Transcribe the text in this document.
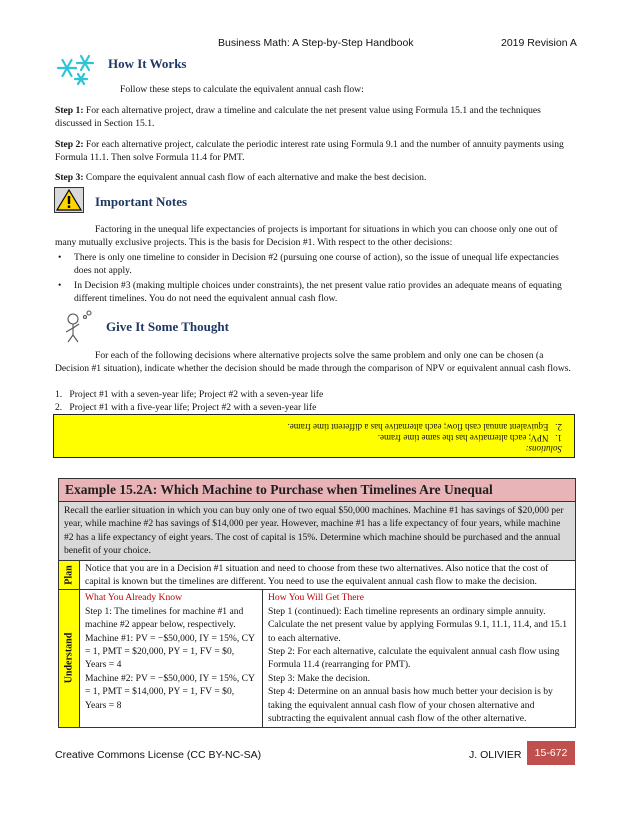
Business Math: A Step-by-Step Handbook	2019 Revision A
How It Works
Follow these steps to calculate the equivalent annual cash flow:
Step 1: For each alternative project, draw a timeline and calculate the net present value using Formula 15.1 and the techniques discussed in Section 15.1.
Step 2: For each alternative project, calculate the periodic interest rate using Formula 9.1 and the number of annuity payments using Formula 11.1. Then solve Formula 11.4 for PMT.
Step 3: Compare the equivalent annual cash flow of each alternative and make the best decision.
Important Notes
Factoring in the unequal life expectancies of projects is important for situations in which you can choose only one out of many mutually exclusive projects. This is the basis for Decision #1. With respect to the other decisions:
• There is only one timeline to consider in Decision #2 (pursuing one course of action), so the issue of unequal life expectancies does not apply.
• In Decision #3 (making multiple choices under constraints), the net present value ratio provides an adequate means of equating different timelines. You do not need the equivalent annual cash flow.
Give It Some Thought
For each of the following decisions where alternative projects solve the same problem and only one can be chosen (a Decision #1 situation), indicate whether the decision should be made through the comparison of NPV or equivalent annual cash flows.
1.   Project #1 with a seven-year life; Project #2 with a seven-year life
2.   Project #1 with a five-year life; Project #2 with a seven-year life
Solutions:
1.   NPV; each alternative has the same time frame.
2.   Equivalent annual cash flow; each alternative has a different time frame.
Example 15.2A: Which Machine to Purchase when Timelines Are Unequal
Recall the earlier situation in which you can buy only one of two equal $50,000 machines. Machine #1 has savings of $20,000 per year, while machine #2 has savings of $14,000 per year. However, machine #1 has a life expectancy of four years, while machine #2 has a life expectancy of eight years. The cost of capital is 15%. Determine which machine should be purchased and the annual benefit of your choice.
Plan	Notice that you are in a Decision #1 situation and need to choose from these two alternatives. Also notice that the cost of capital is known but the timelines are different. You need to use the equivalent annual cash flow to make the decision.
Understand
What You Already Know
Step 1: The timelines for machine #1 and machine #2 appear below, respectively.
Machine #1: PV = −$50,000, IY = 15%, CY = 1, PMT = $20,000, PY = 1, FV = $0, Years = 4
Machine #2: PV = −$50,000, IY = 15%, CY = 1, PMT = $14,000, PY = 1, FV = $0, Years = 8
How You Will Get There
Step 1 (continued): Each timeline represents an ordinary simple annuity. Calculate the net present value by applying Formulas 9.1, 11.1, 11.4, and 15.1 to each alternative.
Step 2: For each alternative, calculate the equivalent annual cash flow using Formula 11.4 (rearranging for PMT).
Step 3: Make the decision.
Step 4: Determine on an annual basis how much better your decision is by taking the equivalent annual cash flow of your chosen alternative and subtracting the equivalent annual cash flow of the other alternative.
Creative Commons License (CC BY-NC-SA)	J. OLIVIER	15-672
